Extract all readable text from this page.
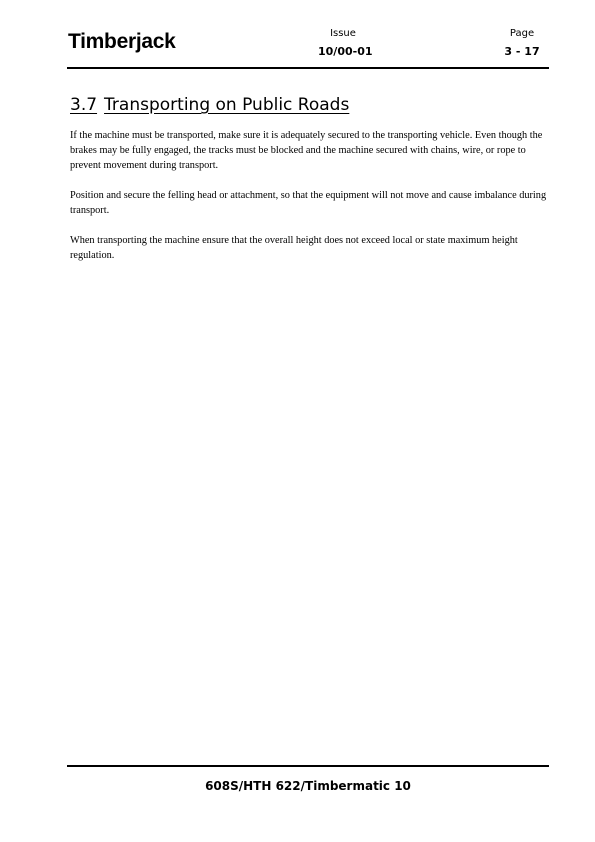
Timberjack	Issue
10/00-01
Page
3 - 17
3.7 Transporting on Public Roads

If the machine must be transported, make sure it is adequately secured to the transporting vehicle. Even though the brakes may be fully engaged, the tracks must be blocked and the machine secured with chains, wire, or rope to prevent movement during transport.

Position and secure the felling head or attachment, so that the equipment will not move and cause imbalance during transport.

When transporting the machine ensure that the overall height does not exceed local or state maximum height regulation.

608S/HTH 622/Timbermatic 10
